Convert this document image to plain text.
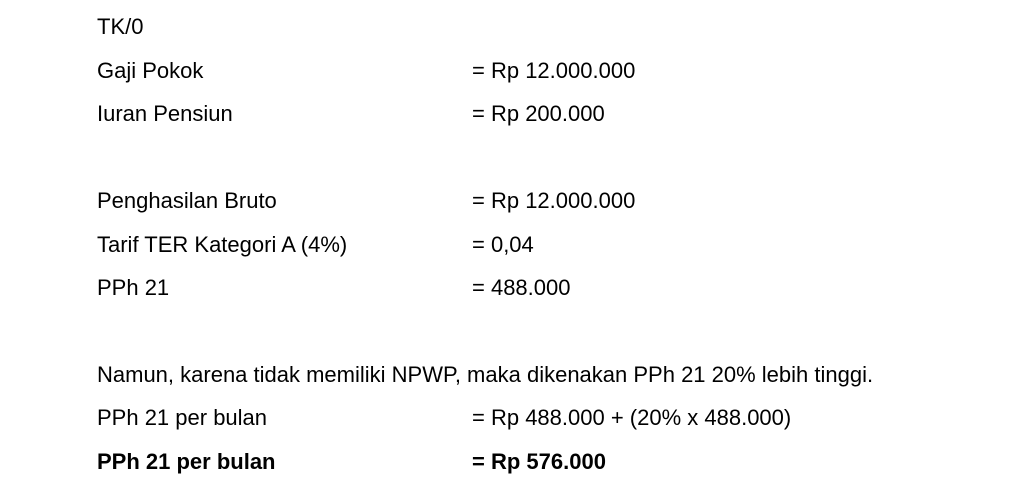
TK/0
Gaji Pokok	= Rp 12.000.000
Iuran Pensiun	= Rp 200.000
Penghasilan Bruto	= Rp 12.000.000
Tarif TER Kategori A (4%)	= 0,04
PPh 21	= 488.000
Namun, karena tidak memiliki NPWP, maka dikenakan PPh 21 20% lebih tinggi.
PPh 21 per bulan	= Rp 488.000 + (20% x 488.000)
PPh 21 per bulan	= Rp 576.000
